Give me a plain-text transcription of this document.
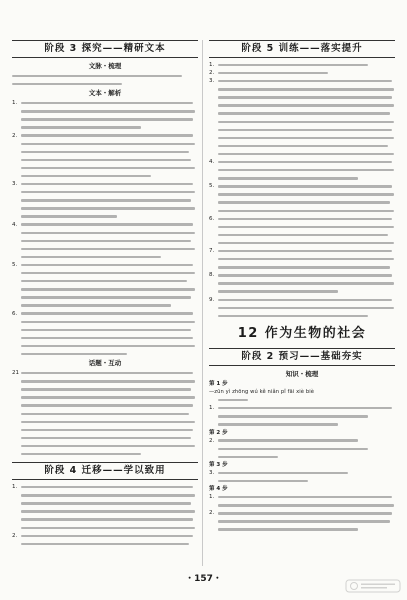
阶段 3 探究——精研文本
文脉・梳理
文本・解析
1.
2.
3.
4.
5.
6.
话题・互动
21
阶段 4 迁移——学以致用
1.
2.
阶段 5 训练——落实提升
1.
2.
3.
4.
5.
6.
7.
8.
9.
12 作为生物的社会
阶段 2 预习——基础夯实
知识・梳理
第 1 步
—zūn yì zhōng wú kě niǎn pǐ fāi xiè biè
1.
第 2 步
2.
第 3 步
3.
第 4 步
1.
2.
・157・
